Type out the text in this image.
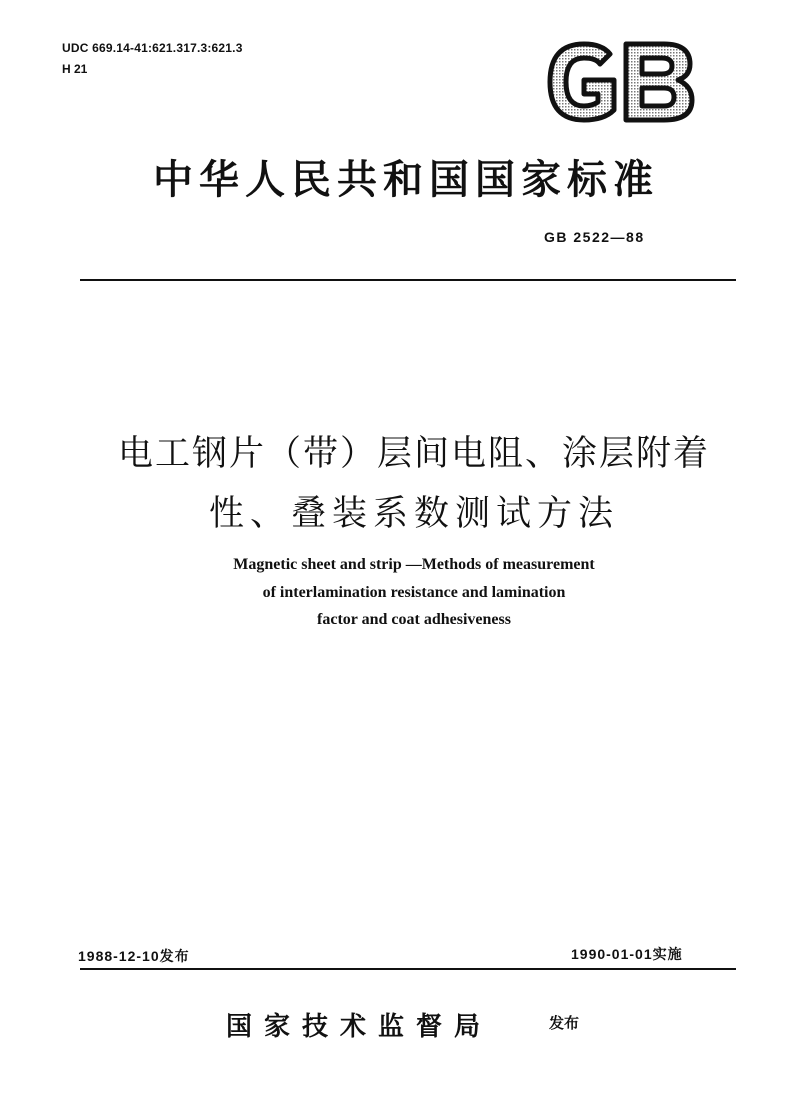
UDC 669.14-41:621.317.3:621.3
H 21
中华人民共和国国家标准
GB 2522—88
电工钢片（带）层间电阻、涂层附着
性、叠装系数测试方法
Magnetic sheet and strip —Methods of measurement
of interlamination resistance and lamination
factor and coat adhesiveness
1988-12-10发布	1990-01-01实施
国家技术监督局	发布
